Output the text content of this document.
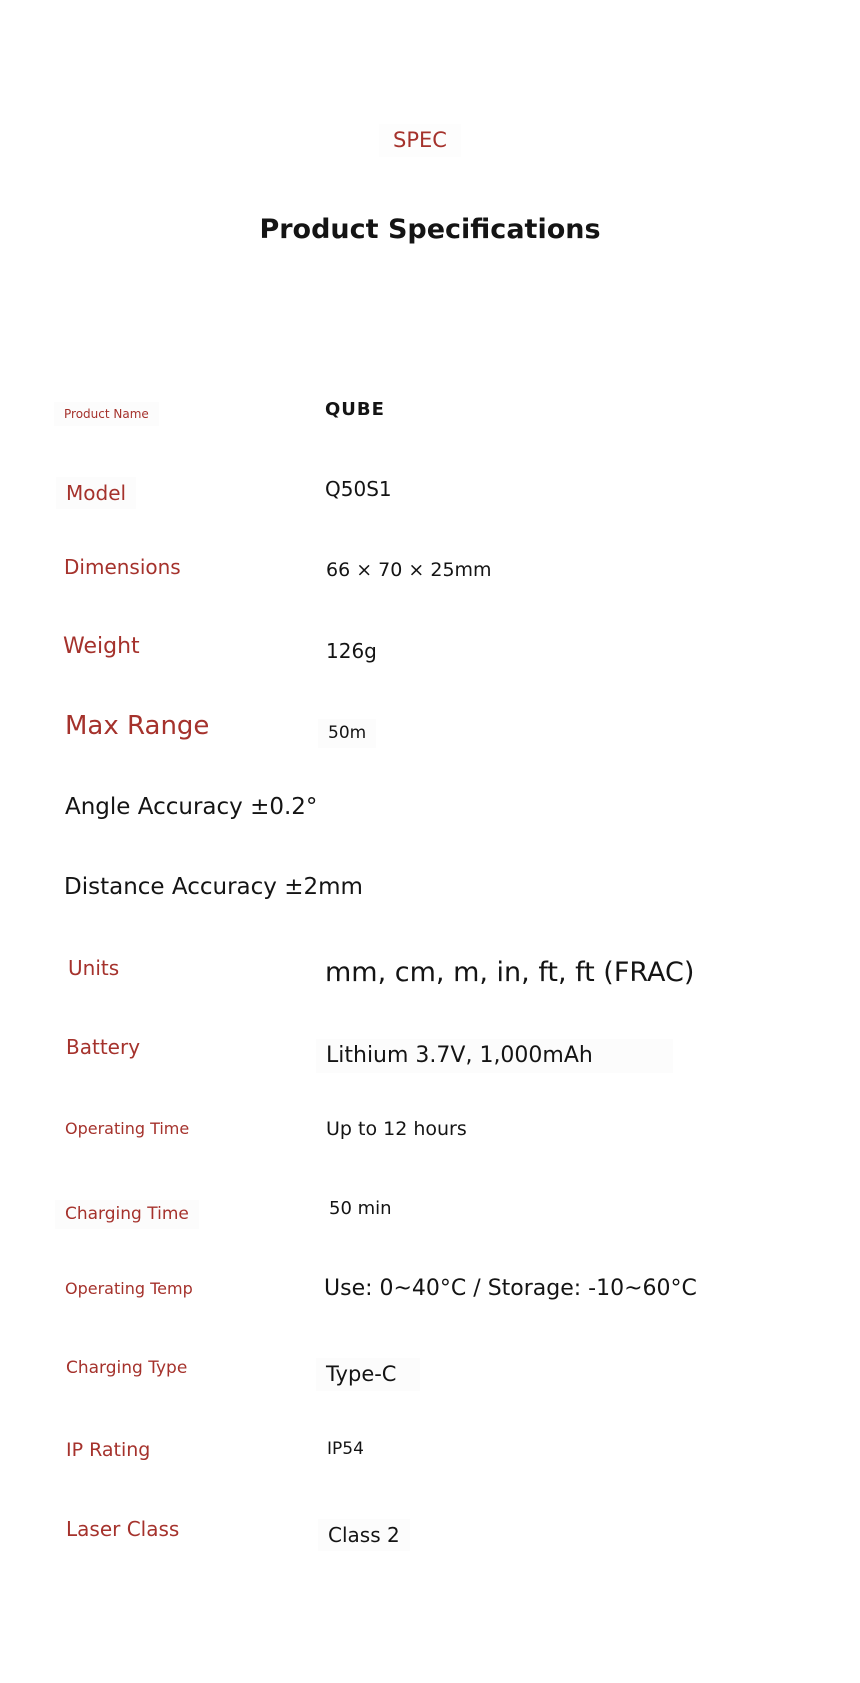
SPEC
Product Specifications
Product Name	QUBE
Model	Q50S1
Dimensions	66 × 70 × 25mm
Weight	126g
Max Range	50m
Angle Accuracy ±0.2°
Distance Accuracy ±2mm
Units	mm, cm, m, in, ft, ft (FRAC)
Battery	Lithium 3.7V, 1,000mAh
Operating Time	Up to 12 hours
Charging Time	50 min
Operating Temp	Use: 0~40°C / Storage: -10~60°C
Charging Type	Type-C
IP Rating	IP54
Laser Class	Class 2
